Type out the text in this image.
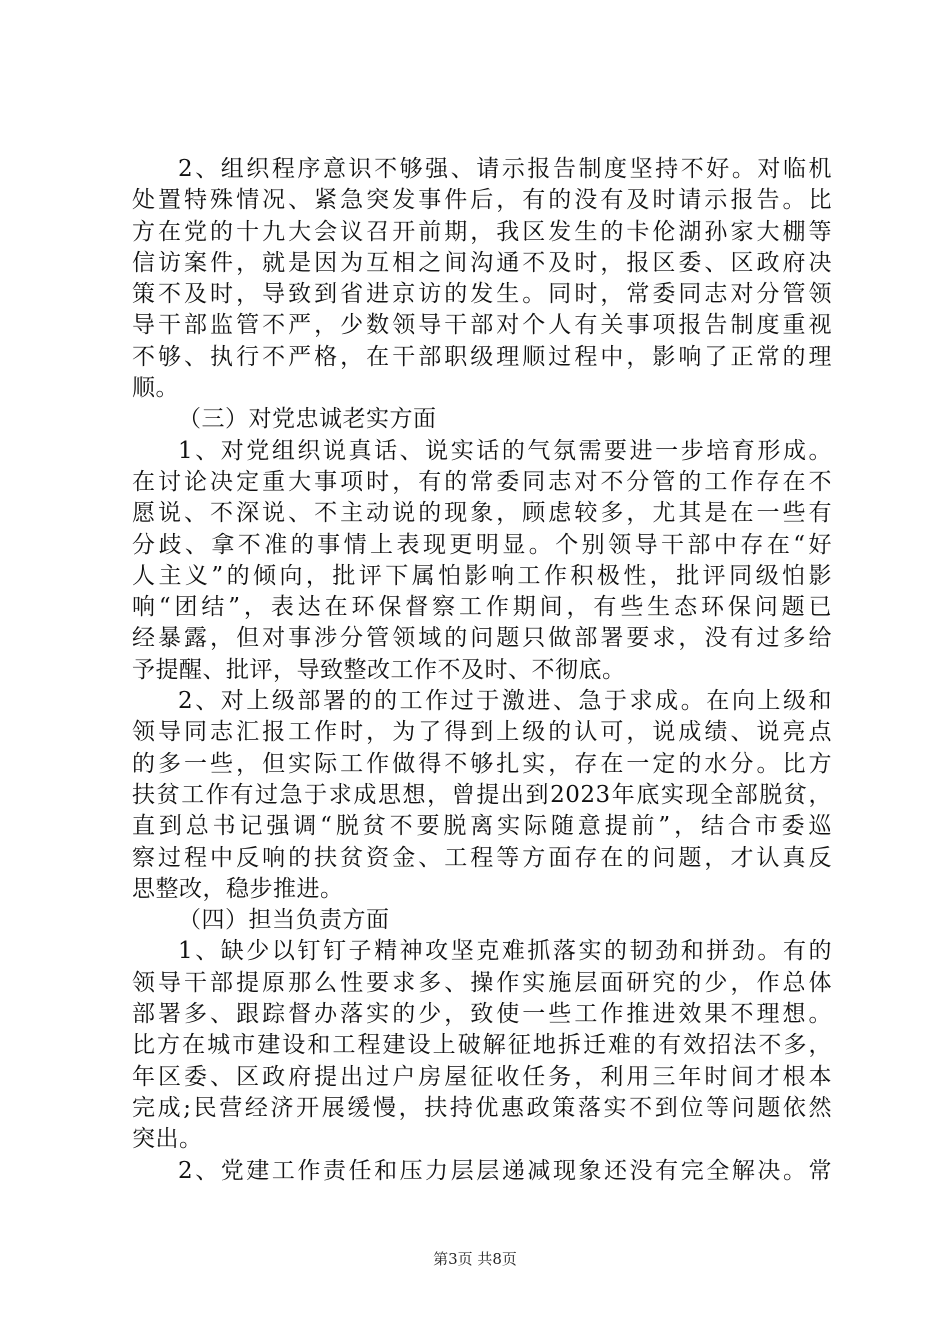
2、组织程序意识不够强、请示报告制度坚持不好。对临机
处置特殊情况、紧急突发事件后，有的没有及时请示报告。比
方在党的十九大会议召开前期，我区发生的卡伦湖孙家大棚等
信访案件，就是因为互相之间沟通不及时，报区委、区政府决
策不及时，导致到省进京访的发生。同时，常委同志对分管领
导干部监管不严，少数领导干部对个人有关事项报告制度重视
不够、执行不严格，在干部职级理顺过程中，影响了正常的理
顺。
（三）对党忠诚老实方面
1、对党组织说真话、说实话的气氛需要进一步培育形成。
在讨论决定重大事项时，有的常委同志对不分管的工作存在不
愿说、不深说、不主动说的现象，顾虑较多，尤其是在一些有
分歧、拿不准的事情上表现更明显。个别领导干部中存在“好
人主义”的倾向，批评下属怕影响工作积极性，批评同级怕影
响“团结”，表达在环保督察工作期间，有些生态环保问题已
经暴露，但对事涉分管领域的问题只做部署要求，没有过多给
予提醒、批评，导致整改工作不及时、不彻底。
2、对上级部署的的工作过于激进、急于求成。在向上级和
领导同志汇报工作时，为了得到上级的认可，说成绩、说亮点
的多一些，但实际工作做得不够扎实，存在一定的水分。比方
扶贫工作有过急于求成思想，曾提出到2023年底实现全部脱贫，
直到总书记强调“脱贫不要脱离实际随意提前”，结合市委巡
察过程中反响的扶贫资金、工程等方面存在的问题，才认真反
思整改，稳步推进。
（四）担当负责方面
1、缺少以钉钉子精神攻坚克难抓落实的韧劲和拼劲。有的
领导干部提原那么性要求多、操作实施层面研究的少，作总体
部署多、跟踪督办落实的少，致使一些工作推进效果不理想。
比方在城市建设和工程建设上破解征地拆迁难的有效招法不多，
年区委、区政府提出过户房屋征收任务，利用三年时间才根本
完成;民营经济开展缓慢，扶持优惠政策落实不到位等问题依然
突出。
2、党建工作责任和压力层层递减现象还没有完全解决。常
第3页 共8页
